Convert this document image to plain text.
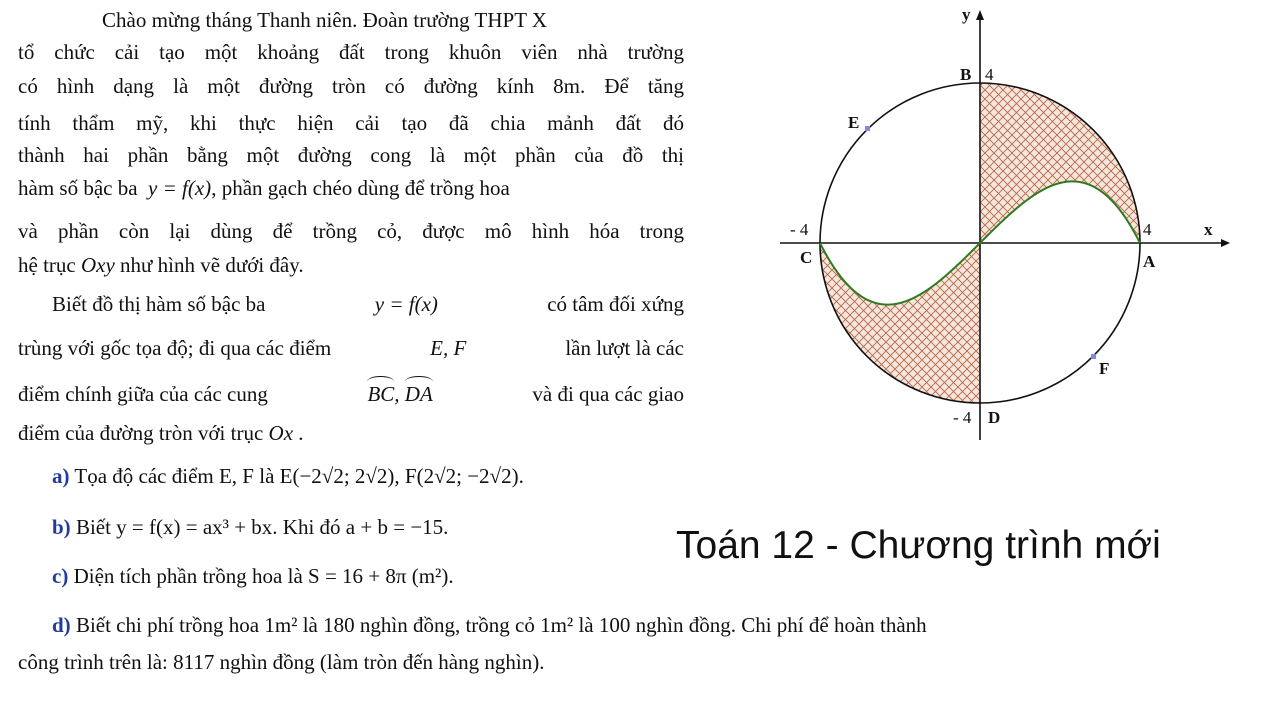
Chào mừng tháng Thanh niên. Đoàn trường THPT X
tổ chức cải tạo một khoảng đất trong khuôn viên nhà trường
có hình dạng là một đường tròn có đường kính 8m. Để tăng
tính thẩm mỹ, khi thực hiện cải tạo đã chia mảnh đất đó
thành hai phần bằng một đường cong là một phần của đồ thị
hàm số bậc ba y = f(x), phần gạch chéo dùng để trồng hoa
và phần còn lại dùng để trồng cỏ, được mô hình hóa trong
hệ trục Oxy như hình vẽ dưới đây.
Biết đồ thị hàm số bậc ba	y = f(x)	có tâm đối xứng
trùng với gốc tọa độ; đi qua các điểm	E, F	lần lượt là các
điểm chính giữa của các cung	BC, DA	và đi qua các giao
điểm của đường tròn với trục Ox .
a) Tọa độ các điểm E, F là E(−2√2; 2√2), F(2√2; −2√2).
b) Biết y = f(x) = ax³ + bx. Khi đó a + b = −15.
c) Diện tích phần trồng hoa là S = 16 + 8π (m²).
d) Biết chi phí trồng hoa 1m² là 180 nghìn đồng, trồng cỏ 1m² là 100 nghìn đồng. Chi phí để hoàn thành
công trình trên là: 8117 nghìn đồng (làm tròn đến hàng nghìn).
Toán 12 - Chương trình mới
y
x
B 4
E
- 4
C
4
A
F
- 4 D
